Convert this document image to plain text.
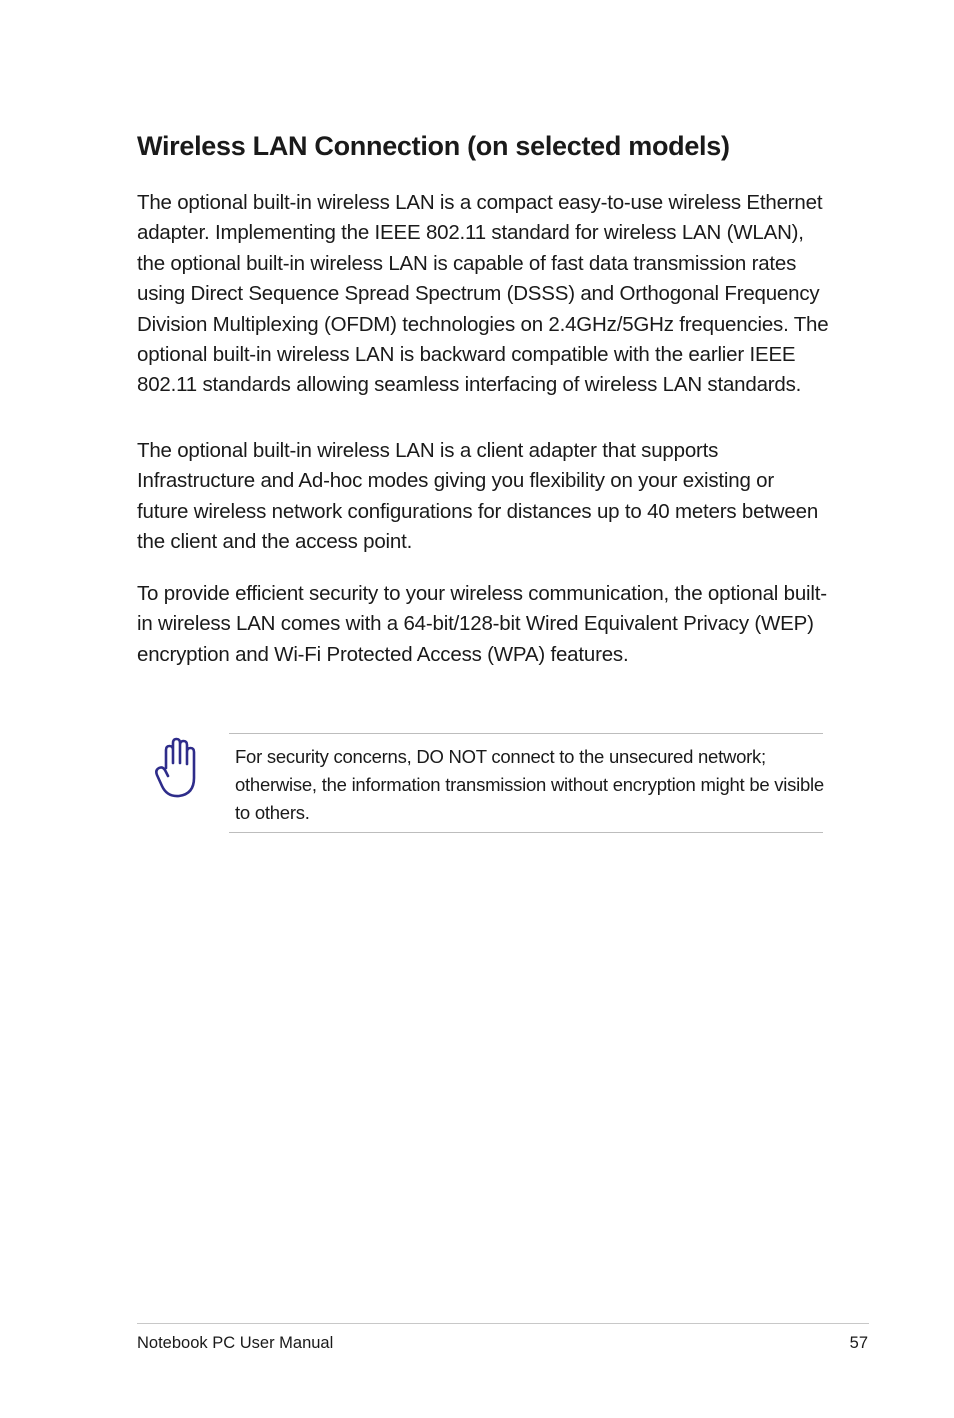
Wireless LAN Connection (on selected models)

The optional built-in wireless LAN is a compact easy-to-use wireless Ethernet adapter. Implementing the IEEE 802.11 standard for wireless LAN (WLAN), the optional built-in wireless LAN is capable of fast data transmission rates using Direct Sequence Spread Spectrum (DSSS) and Orthogonal Frequency Division Multiplexing (OFDM) technologies on 2.4GHz/5GHz frequencies. The optional built-in wireless LAN is backward compatible with the earlier IEEE 802.11 standards allowing seamless interfacing of wireless LAN standards.

The optional built-in wireless LAN is a client adapter that supports Infrastructure and Ad-hoc modes giving you flexibility on your existing or future wireless network configurations for distances up to 40 meters between the client and the access point.

To provide efficient security to your wireless communication, the optional built-in wireless LAN comes with a 64-bit/128-bit Wired Equivalent Privacy (WEP) encryption and Wi-Fi Protected Access (WPA) features.

For security concerns, DO NOT connect to the unsecured network; otherwise, the information transmission without encryption might be visible to others.

Notebook PC User Manual	57
